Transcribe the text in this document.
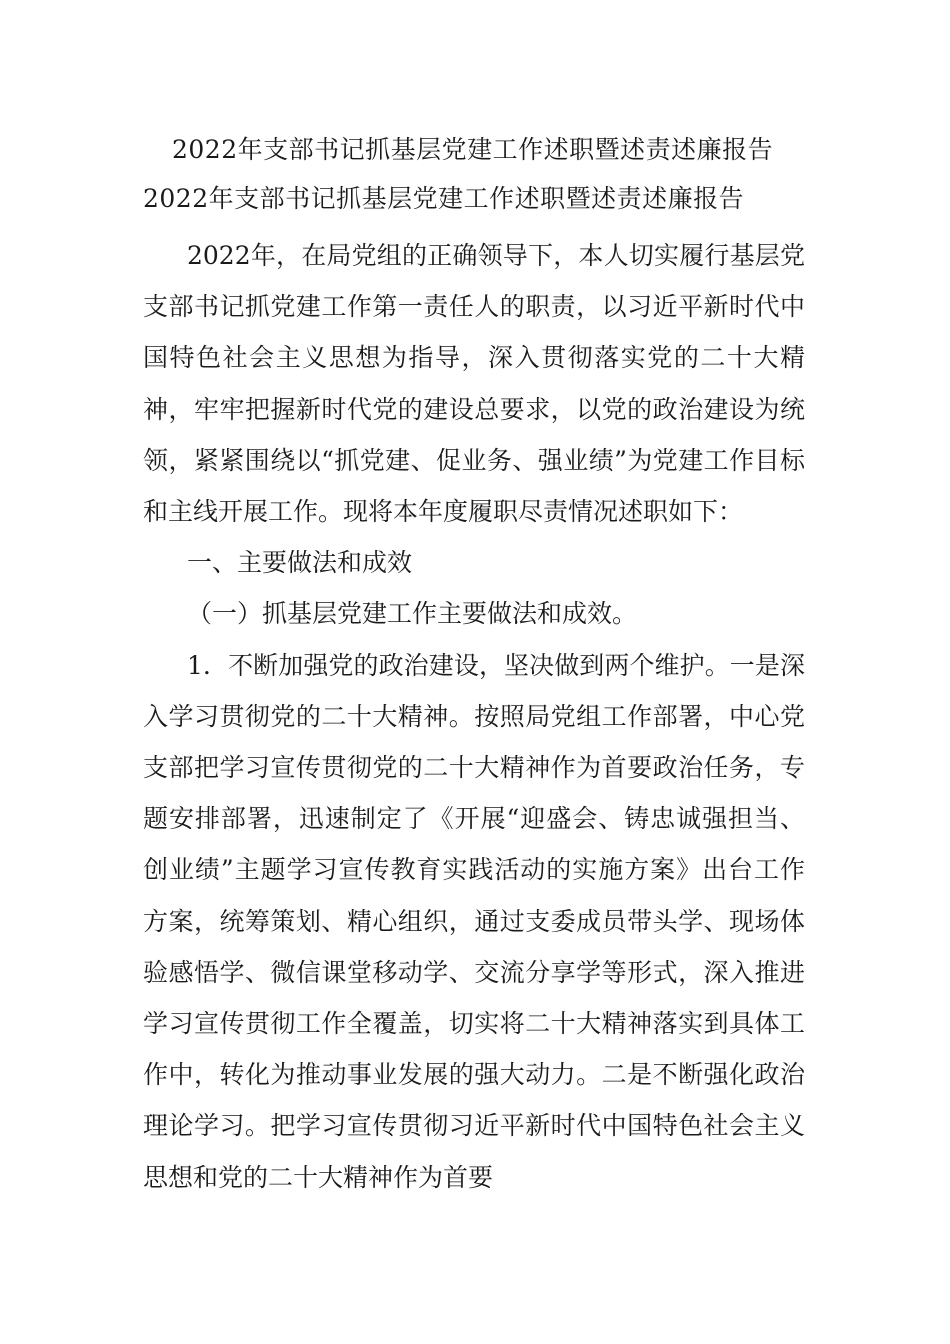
2022年支部书记抓基层党建工作述职暨述责述廉报告
2022年支部书记抓基层党建工作述职暨述责述廉报告

2022年，在局党组的正确领导下，本人切实履行基层党支部书记抓党建工作第一责任人的职责，以习近平新时代中国特色社会主义思想为指导，深入贯彻落实党的二十大精神，牢牢把握新时代党的建设总要求，以党的政治建设为统领，紧紧围绕以“抓党建、促业务、强业绩”为党建工作目标和主线开展工作。现将本年度履职尽责情况述职如下：

一、主要做法和成效

（一）抓基层党建工作主要做法和成效。

1．不断加强党的政治建设，坚决做到两个维护。一是深入学习贯彻党的二十大精神。按照局党组工作部署，中心党支部把学习宣传贯彻党的二十大精神作为首要政治任务，专题安排部署，迅速制定了《开展“迎盛会、铸忠诚强担当、创业绩”主题学习宣传教育实践活动的实施方案》出台工作方案，统筹策划、精心组织，通过支委成员带头学、现场体验感悟学、微信课堂移动学、交流分享学等形式，深入推进学习宣传贯彻工作全覆盖，切实将二十大精神落实到具体工作中，转化为推动事业发展的强大动力。二是不断强化政治理论学习。把学习宣传贯彻习近平新时代中国特色社会主义思想和党的二十大精神作为首要
